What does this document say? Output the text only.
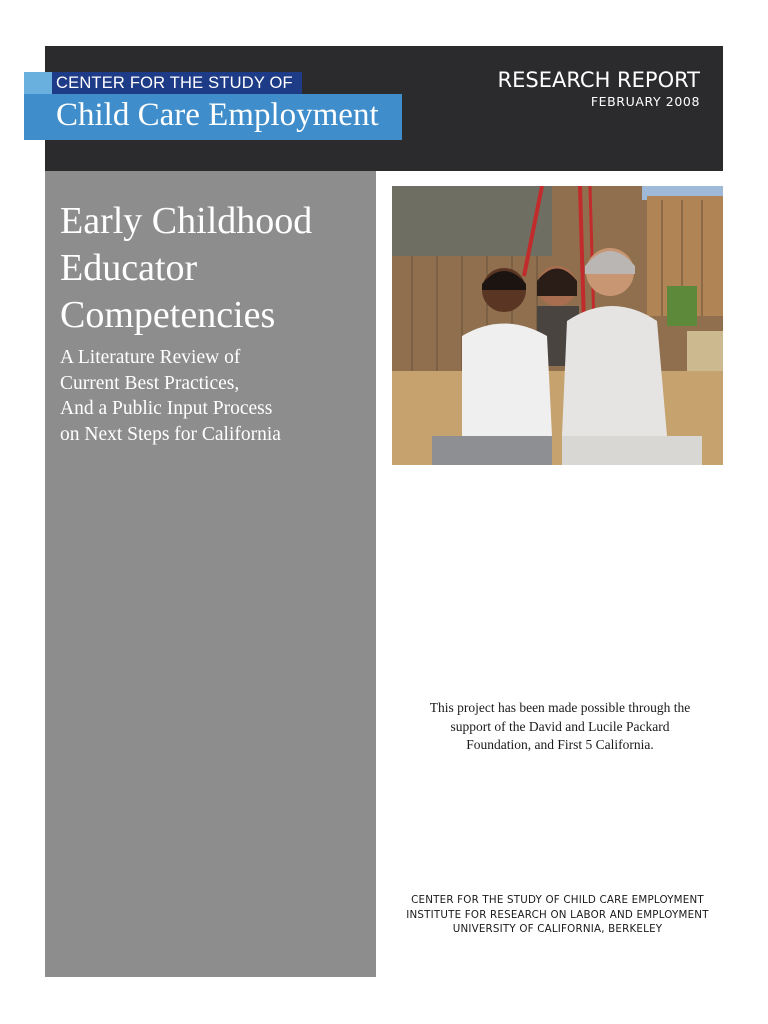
CENTER FOR THE STUDY OF
Child Care Employment
RESEARCH REPORT
FEBRUARY 2008
Early Childhood
Educator
Competencies
A Literature Review of
Current Best Practices,
And a Public Input Process
on Next Steps for California
This project has been made possible through the
support of the David and Lucile Packard
Foundation, and First 5 California.
CENTER FOR THE STUDY OF CHILD CARE EMPLOYMENT
INSTITUTE FOR RESEARCH ON LABOR AND EMPLOYMENT
UNIVERSITY OF CALIFORNIA, BERKELEY
